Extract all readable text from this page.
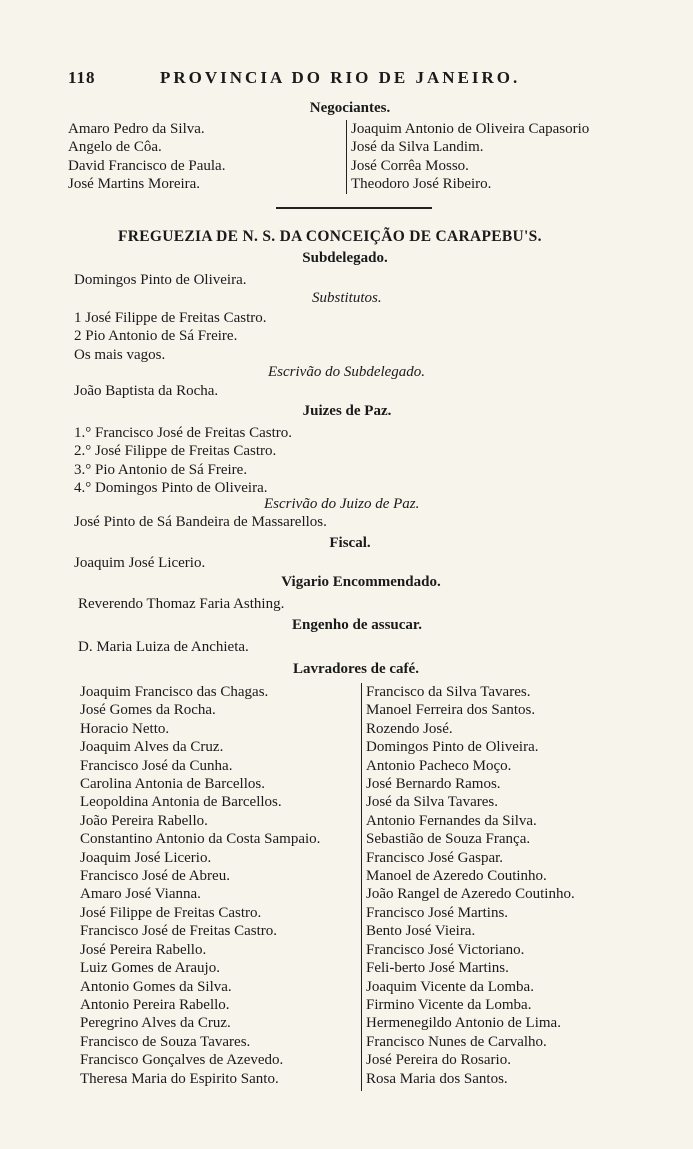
118	PROVINCIA DO RIO DE JANEIRO.
Negociantes.
Amaro Pedro da Silva.
Angelo de Côa.
David Francisco de Paula.
José Martins Moreira.
Joaquim Antonio de Oliveira Capasorio
José da Silva Landim.
José Corrêa Mosso.
Theodoro José Ribeiro.
FREGUEZIA DE N. S. DA CONCEIÇÃO DE CARAPEBU'S.
Subdelegado.
Domingos Pinto de Oliveira.
Substitutos.
1 José Filippe de Freitas Castro.
2 Pio Antonio de Sá Freire.
Os mais vagos.
Escrivão do Subdelegado.
João Baptista da Rocha.
Juizes de Paz.
1.° Francisco José de Freitas Castro.
2.° José Filippe de Freitas Castro.
3.° Pio Antonio de Sá Freire.
4.° Domingos Pinto de Oliveira.
Escrivão do Juizo de Paz.
José Pinto de Sá Bandeira de Massarellos.
Fiscal.
Joaquim José Licerio.
Vigario Encommendado.
Reverendo Thomaz Faria Asthing.
Engenho de assucar.
D. Maria Luiza de Anchieta.
Lavradores de café.
Joaquim Francisco das Chagas.
José Gomes da Rocha.
Horacio Netto.
Joaquim Alves da Cruz.
Francisco José da Cunha.
Carolina Antonia de Barcellos.
Leopoldina Antonia de Barcellos.
João Pereira Rabello.
Constantino Antonio da Costa Sampaio.
Joaquim José Licerio.
Francisco José de Abreu.
Amaro José Vianna.
José Filippe de Freitas Castro.
Francisco José de Freitas Castro.
José Pereira Rabello.
Luiz Gomes de Araujo.
Antonio Gomes da Silva.
Antonio Pereira Rabello.
Peregrino Alves da Cruz.
Francisco de Souza Tavares.
Francisco Gonçalves de Azevedo.
Theresa Maria do Espirito Santo.
Francisco da Silva Tavares.
Manoel Ferreira dos Santos.
Rozendo José.
Domingos Pinto de Oliveira.
Antonio Pacheco Moço.
José Bernardo Ramos.
José da Silva Tavares.
Antonio Fernandes da Silva.
Sebastião de Souza França.
Francisco José Gaspar.
Manoel de Azeredo Coutinho.
João Rangel de Azeredo Coutinho.
Francisco José Martins.
Bento José Vieira.
Francisco José Victoriano.
Feli-berto José Martins.
Joaquim Vicente da Lomba.
Firmino Vicente da Lomba.
Hermenegildo Antonio de Lima.
Francisco Nunes de Carvalho.
José Pereira do Rosario.
Rosa Maria dos Santos.
